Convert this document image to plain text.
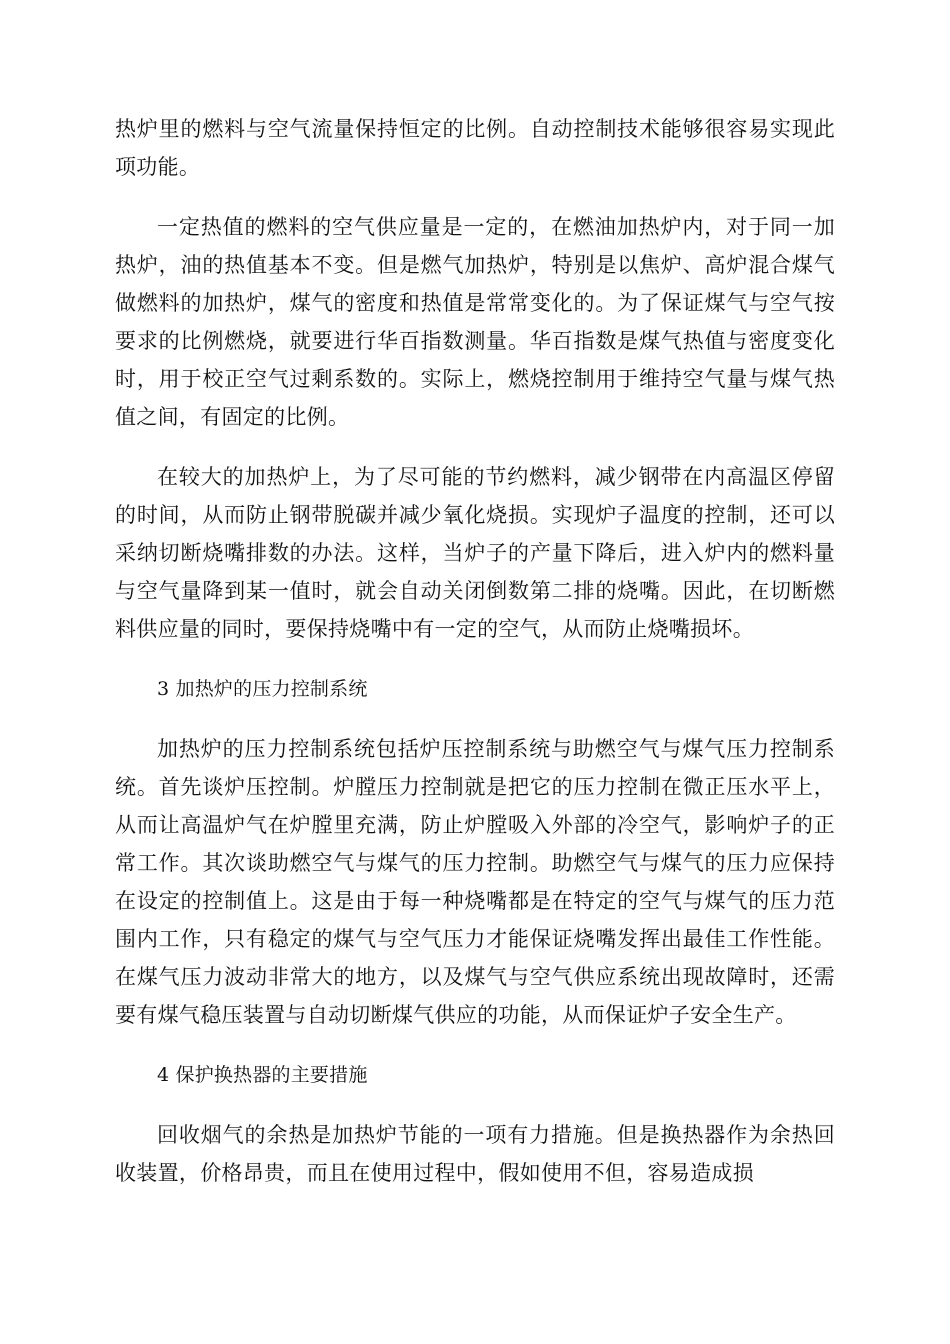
热炉里的燃料与空气流量保持恒定的比例。自动控制技术能够很容易实现此项功能。

一定热值的燃料的空气供应量是一定的，在燃油加热炉内，对于同一加热炉，油的热值基本不变。但是燃气加热炉，特别是以焦炉、高炉混合煤气做燃料的加热炉，煤气的密度和热值是常常变化的。为了保证煤气与空气按要求的比例燃烧，就要进行华百指数测量。华百指数是煤气热值与密度变化时，用于校正空气过剩系数的。实际上，燃烧控制用于维持空气量与煤气热值之间，有固定的比例。

在较大的加热炉上，为了尽可能的节约燃料，减少钢带在内高温区停留的时间，从而防止钢带脱碳并减少氧化烧损。实现炉子温度的控制，还可以采纳切断烧嘴排数的办法。这样，当炉子的产量下降后，进入炉内的燃料量与空气量降到某一值时，就会自动关闭倒数第二排的烧嘴。因此，在切断燃料供应量的同时，要保持烧嘴中有一定的空气，从而防止烧嘴损坏。

3 加热炉的压力控制系统

加热炉的压力控制系统包括炉压控制系统与助燃空气与煤气压力控制系统。首先谈炉压控制。炉膛压力控制就是把它的压力控制在微正压水平上，从而让高温炉气在炉膛里充满，防止炉膛吸入外部的冷空气，影响炉子的正常工作。其次谈助燃空气与煤气的压力控制。助燃空气与煤气的压力应保持在设定的控制值上。这是由于每一种烧嘴都是在特定的空气与煤气的压力范围内工作，只有稳定的煤气与空气压力才能保证烧嘴发挥出最佳工作性能。在煤气压力波动非常大的地方，以及煤气与空气供应系统出现故障时，还需要有煤气稳压装置与自动切断煤气供应的功能，从而保证炉子安全生产。

4 保护换热器的主要措施

回收烟气的余热是加热炉节能的一项有力措施。但是换热器作为余热回收装置，价格昂贵，而且在使用过程中，假如使用不但，容易造成损
